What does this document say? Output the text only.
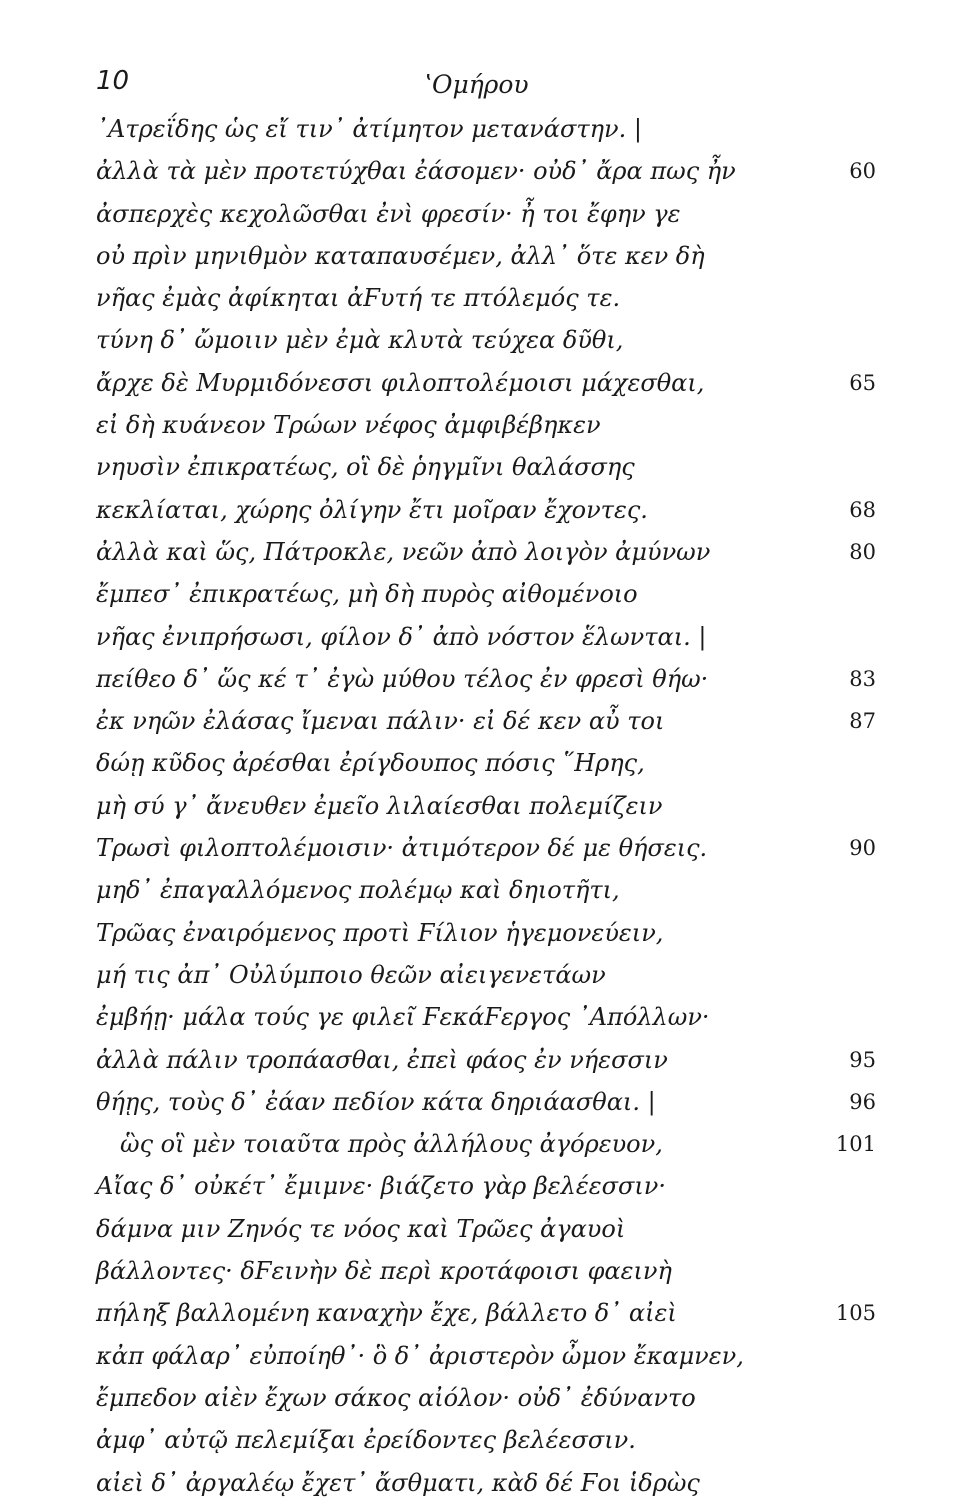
10	ʽΟμήρου
᾽Ατρεΐδης ὡς εἴ τιν᾽ ἀτίμητον μετανάστην. |
ἀλλὰ τὰ μὲν προτετύχθαι ἐάσομεν· οὐδ᾽ ἄρα πως ἦν	60
ἀσπερχὲς κεχολῶσθαι ἐνὶ φρεσίν· ἦ τοι ἔφην γε
οὐ πρὶν μηνιθμὸν καταπαυσέμεν, ἀλλ᾽ ὅτε κεν δὴ
νῆας ἐμὰς ἀφίκηται ἀϜυτή τε πτόλεμός τε.
τύνη δ᾽ ὤμοιιν μὲν ἐμὰ κλυτὰ τεύχεα δῦθι,
ἄρχε δὲ Μυρμιδόνεσσι φιλοπτολέμοισι μάχεσθαι,	65
εἰ δὴ κυάνεον Τρώων νέφος ἀμφιβέβηκεν
νηυσὶν ἐπικρατέως, οἳ δὲ ῥηγμῖνι θαλάσσης
κεκλίαται, χώρης ὀλίγην ἔτι μοῖραν ἔχοντες.	68
ἀλλὰ καὶ ὥς, Πάτροκλε, νεῶν ἀπὸ λοιγὸν ἀμύνων	80
ἔμπεσ᾽ ἐπικρατέως, μὴ δὴ πυρὸς αἰθομένοιο
νῆας ἐνιπρήσωσι, φίλον δ᾽ ἀπὸ νόστον ἕλωνται. |
πείθεο δ᾽ ὥς κέ τ᾽ ἐγὼ μύθου τέλος ἐν φρεσὶ θήω·	83
ἐκ νηῶν ἐλάσας ἴμεναι πάλιν· εἰ δέ κεν αὖ τοι	87
δώῃ κῦδος ἀρέσθαι ἐρίγδουπος πόσις ῞Ηρης,
μὴ σύ γ᾽ ἄνευθεν ἐμεῖο λιλαίεσθαι πολεμίζειν
Τρωσὶ φιλοπτολέμοισιν· ἀτιμότερον δέ με θήσεις.	90
μηδ᾽ ἐπαγαλλόμενος πολέμῳ καὶ δηιοτῆτι,
Τρῶας ἐναιρόμενος προτὶ Ϝίλιον ἡγεμονεύειν,
μή τις ἀπ᾽ Οὐλύμποιο θεῶν αἰειγενετάων
ἐμβήῃ· μάλα τούς γε φιλεῖ ϜεκάϜεργος ᾽Απόλλων·
ἀλλὰ πάλιν τροπάασθαι, ἐπεὶ φάος ἐν νήεσσιν	95
θήῃς, τοὺς δ᾽ ἐάαν πεδίον κάτα δηριάασθαι. |	96
ὣς οἳ μὲν τοιαῦτα πρὸς ἀλλήλους ἀγόρευον,	101
Αἴας δ᾽ οὐκέτ᾽ ἔμιμνε· βιάζετο γὰρ βελέεσσιν·
δάμνα μιν Ζηνός τε νόος καὶ Τρῶες ἀγαυοὶ
βάλλοντες· δϜεινὴν δὲ περὶ κροτάφοισι φαεινὴ
πήληξ βαλλομένη καναχὴν ἔχε, βάλλετο δ᾽ αἰεὶ	105
κἀπ φάλαρ᾽ εὐποίηθ᾽· ὃ δ᾽ ἀριστερὸν ὦμον ἔκαμνεν,
ἔμπεδον αἰὲν ἔχων σάκος αἰόλον· οὐδ᾽ ἐδύναντο
ἀμφ᾽ αὐτῷ πελεμίξαι ἐρείδοντες βελέεσσιν.
αἰεὶ δ᾽ ἀργαλέῳ ἔχετ᾽ ἄσθματι, κὰδ δέ Ϝοι ἱδρὼς
